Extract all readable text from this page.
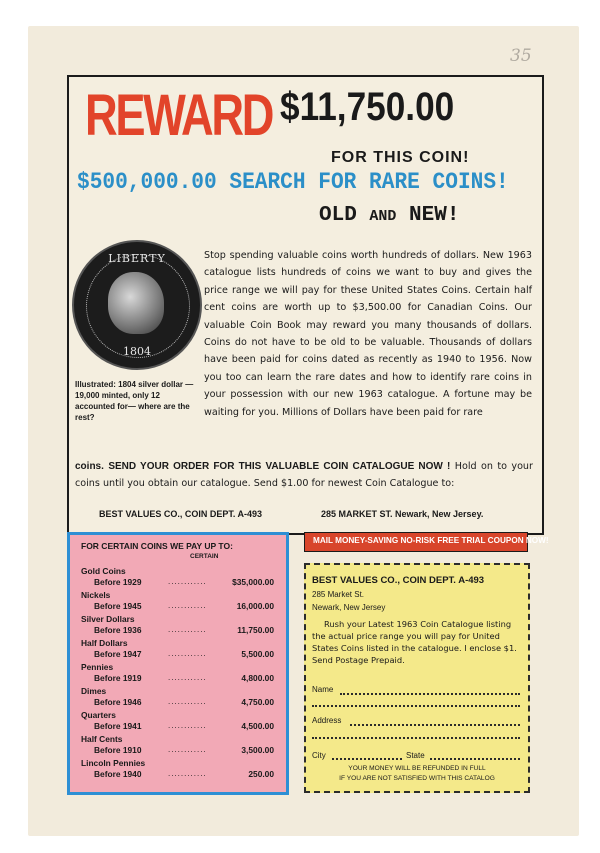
35
REWARD $11,750.00
FOR THIS COIN!
$500,000.00 SEARCH FOR RARE COINS!
OLD AND NEW!
LIBERTY
1804
Illustrated: 1804 silver dollar — 19,000 minted, only 12 accounted for— where are the rest?
Stop spending valuable coins worth hundreds of dollars. New 1963 catalogue lists hundreds of coins we want to buy and gives the price range we will pay for these United States Coins. Certain half cent coins are worth up to $3,500.00 for Canadian Coins. Our valuable Coin Book may reward you many thousands of dollars. Coins do not have to be old to be valuable. Thousands of dollars have been paid for coins dated as recently as 1940 to 1956. Now you too can learn the rare dates and how to identify rare coins in your possession with our new 1963 catalogue. A fortune may be waiting for you. Millions of Dollars have been paid for rare
coins. SEND YOUR ORDER FOR THIS VALUABLE COIN CATALOGUE NOW ! Hold on to your coins until you obtain our catalogue. Send $1.00 for newest Coin Catalogue to:
BEST VALUES CO., COIN DEPT. A-493	285 MARKET ST. Newark, New Jersey.
FOR CERTAIN COINS WE PAY UP TO:
CERTAIN
Gold Coins
Before 1929	............	$35,000.00
Nickels
Before 1945	............	16,000.00
Silver Dollars
Before 1936	............	11,750.00
Half Dollars
Before 1947	............	5,500.00
Pennies
Before 1919	............	4,800.00
Dimes
Before 1946	............	4,750.00
Quarters
Before 1941	............	4,500.00
Half Cents
Before 1910	............	3,500.00
Lincoln Pennies
Before 1940	............	250.00
MAIL MONEY-SAVING NO-RISK FREE TRIAL COUPON NOW!
BEST VALUES CO., COIN DEPT. A-493
285 Market St.
Newark, New Jersey
Rush your Latest 1963 Coin Catalogue listing the actual price range you will pay for United States Coins listed in the catalogue. I enclose $1. Send Postage Prepaid.
Name
Address
City	State
YOUR MONEY WILL BE REFUNDED IN FULL
IF YOU ARE NOT SATISFIED WITH THIS CATALOG
